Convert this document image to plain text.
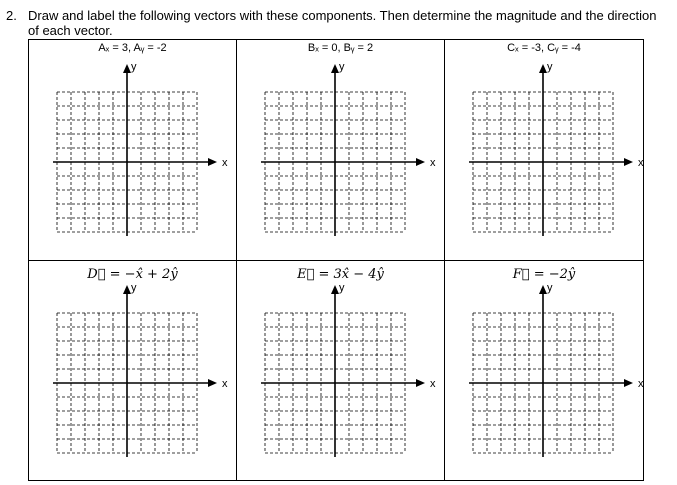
2. Draw and label the following vectors with these components. Then determine the magnitude and the direction of each vector.
Aₓ = 3, Aᵧ = -2
x
y
Bₓ = 0, Bᵧ = 2
x
y
Cₓ = -3, Cᵧ = -4
x
y
D⃗ = −x̂ + 2ŷ
x
y
E⃗ = 3x̂ − 4ŷ
x
y
F⃗ = −2ŷ
x
y
